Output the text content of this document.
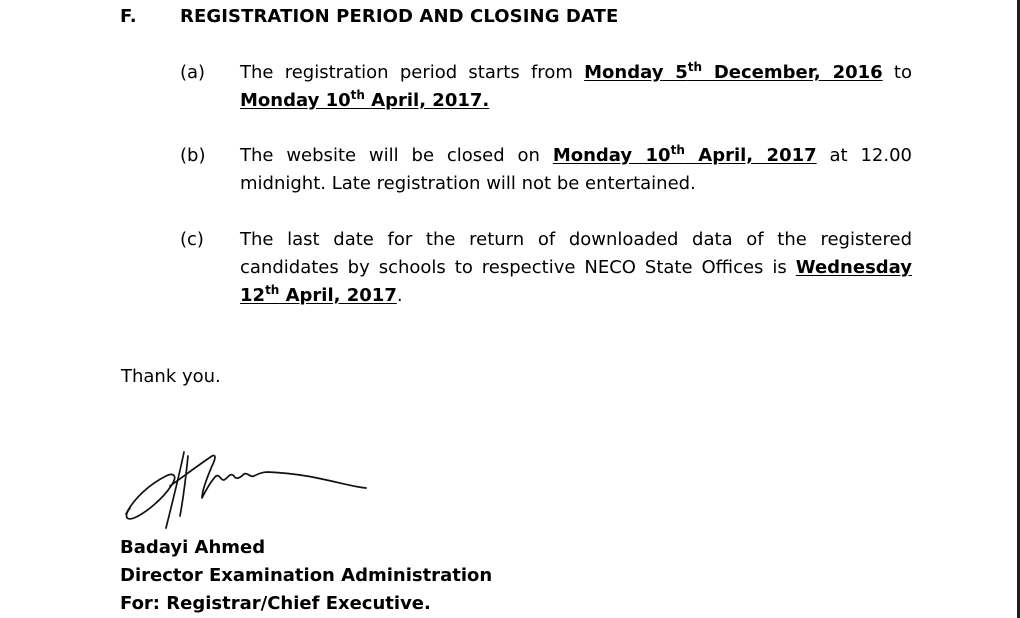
F. REGISTRATION PERIOD AND CLOSING DATE
(a) The registration period starts from Monday 5th December, 2016 to Monday 10th April, 2017.
(b) The website will be closed on Monday 10th April, 2017 at 12.00 midnight. Late registration will not be entertained.
(c) The last date for the return of downloaded data of the registered candidates by schools to respective NECO State Offices is Wednesday 12th April, 2017.
Thank you.
Badayi Ahmed
Director Examination Administration
For: Registrar/Chief Executive.
